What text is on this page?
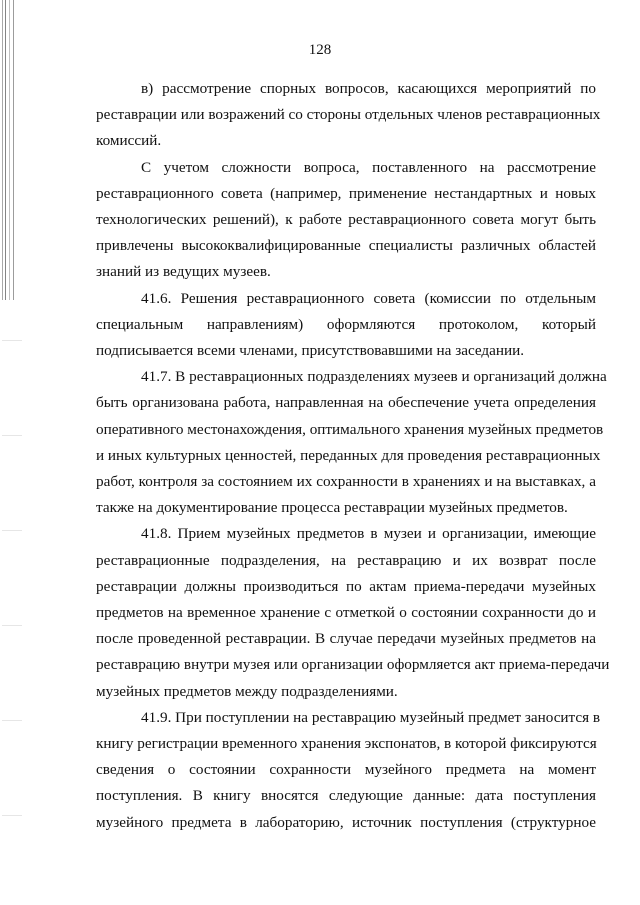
128
в) рассмотрение спорных вопросов, касающихся мероприятий по
реставрации или возражений со стороны отдельных членов реставрационных
комиссий.
С учетом сложности вопроса, поставленного на рассмотрение
реставрационного совета (например, применение нестандартных и новых
технологических решений), к работе реставрационного совета могут быть
привлечены высококвалифицированные специалисты различных областей
знаний из ведущих музеев.
41.6. Решения реставрационного совета (комиссии по отдельным
специальным направлениям) оформляются протоколом, который
подписывается всеми членами, присутствовавшими на заседании.
41.7. В реставрационных подразделениях музеев и организаций должна
быть организована работа, направленная на обеспечение учета определения
оперативного местонахождения, оптимального хранения музейных предметов
и иных культурных ценностей, переданных для проведения реставрационных
работ, контроля за состоянием их сохранности в хранениях и на выставках, а
также на документирование процесса реставрации музейных предметов.
41.8. Прием музейных предметов в музеи и организации, имеющие
реставрационные подразделения, на реставрацию и их возврат после
реставрации должны производиться по актам приема-передачи музейных
предметов на временное хранение с отметкой о состоянии сохранности до и
после проведенной реставрации. В случае передачи музейных предметов на
реставрацию внутри музея или организации оформляется акт приема-передачи
музейных предметов между подразделениями.
41.9. При поступлении на реставрацию музейный предмет заносится в
книгу регистрации временного хранения экспонатов, в которой фиксируются
сведения о состоянии сохранности музейного предмета на момент
поступления. В книгу вносятся следующие данные: дата поступления
музейного предмета в лабораторию, источник поступления (структурное
